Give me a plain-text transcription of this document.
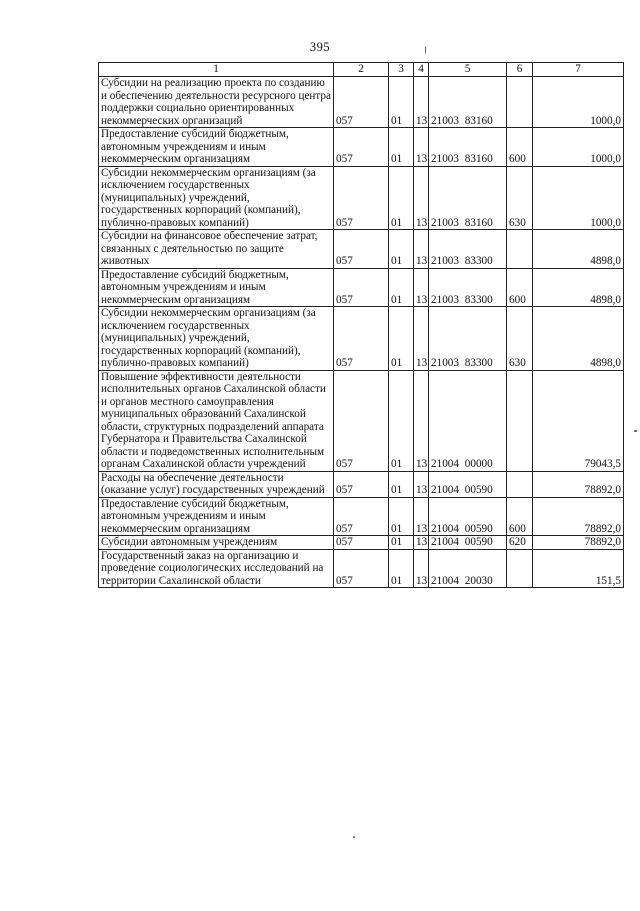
395
1	2	3	4	5	6	7
Субсидии на реализацию проекта по созданию и обеспечению деятельности ресурсного центра поддержки социально ориентированных некоммерческих организаций	057	01	13	21003 83160		1000,0
Предоставление субсидий бюджетным, автономным учреждениям и иным некоммерческим организациям	057	01	13	21003 83160	600	1000,0
Субсидии некоммерческим организациям (за исключением государственных (муниципальных) учреждений, государственных корпораций (компаний), публично-правовых компаний)	057	01	13	21003 83160	630	1000,0
Субсидии на финансовое обеспечение затрат, связанных с деятельностью по защите животных	057	01	13	21003 83300		4898,0
Предоставление субсидий бюджетным, автономным учреждениям и иным некоммерческим организациям	057	01	13	21003 83300	600	4898,0
Субсидии некоммерческим организациям (за исключением государственных (муниципальных) учреждений, государственных корпораций (компаний), публично-правовых компаний)	057	01	13	21003 83300	630	4898,0
Повышение эффективности деятельности исполнительных органов Сахалинской области и органов местного самоуправления муниципальных образований Сахалинской области, структурных подразделений аппарата Губернатора и Правительства Сахалинской области и подведомственных исполнительным органам Сахалинской области учреждений	057	01	13	21004 00000		79043,5
Расходы на обеспечение деятельности (оказание услуг) государственных учреждений	057	01	13	21004 00590		78892,0
Предоставление субсидий бюджетным, автономным учреждениям и иным некоммерческим организациям	057	01	13	21004 00590	600	78892,0
Субсидии автономным учреждениям	057	01	13	21004 00590	620	78892,0
Государственный заказ на организацию и проведение социологических исследований на территории Сахалинской области	057	01	13	21004 20030		151,5
